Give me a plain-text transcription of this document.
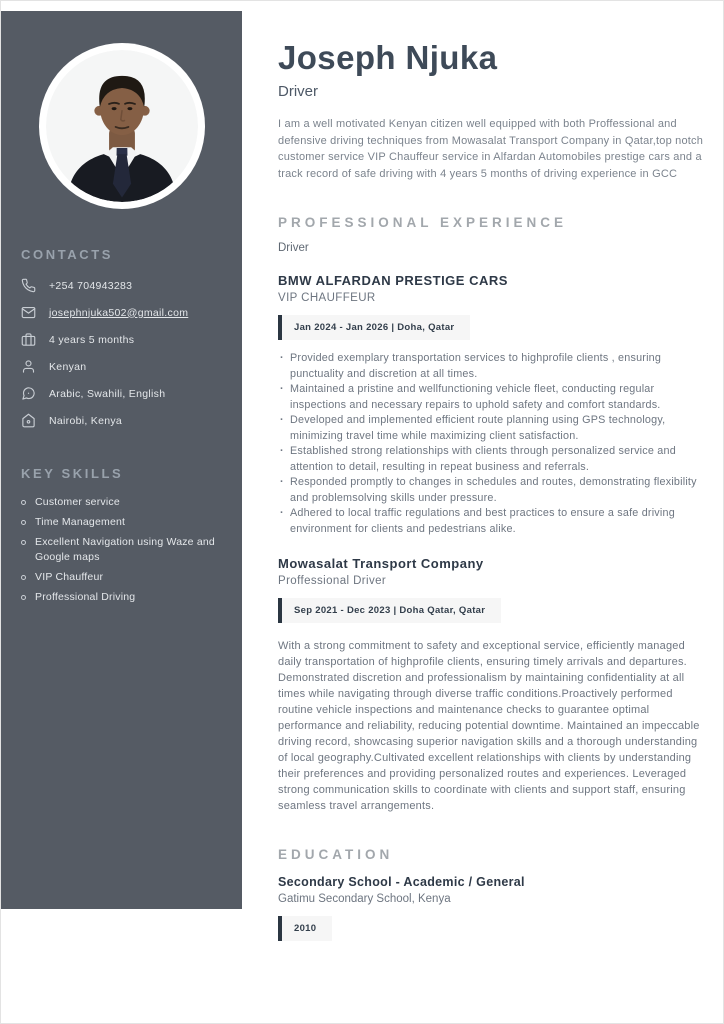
CONTACTS
+254 704943283
josephnjuka502@gmail.com
4 years 5 months
Kenyan
Arabic, Swahili, English
Nairobi, Kenya
KEY SKILLS
Customer service
Time Management
Excellent Navigation using Waze and Google maps
VIP Chauffeur
Proffessional Driving
Joseph Njuka
Driver
I am a well motivated Kenyan citizen well equipped with both Proffessional and defensive driving techniques from Mowasalat Transport Company in Qatar,top notch customer service VIP Chauffeur service in Alfardan Automobiles prestige cars and a track record of safe driving with 4 years 5 months of driving experience in GCC
PROFESSIONAL EXPERIENCE
Driver
BMW ALFARDAN PRESTIGE CARS
VIP CHAUFFEUR
Jan 2024 - Jan 2026 | Doha, Qatar
· Provided exemplary transportation services to highprofile clients , ensuring punctuality and discretion at all times.
· Maintained a pristine and wellfunctioning vehicle fleet, conducting regular inspections and necessary repairs to uphold safety and comfort standards.
· Developed and implemented efficient route planning using GPS technology, minimizing travel time while maximizing client satisfaction.
· Established strong relationships with clients through personalized service and attention to detail, resulting in repeat business and referrals.
· Responded promptly to changes in schedules and routes, demonstrating flexibility and problemsolving skills under pressure.
· Adhered to local traffic regulations and best practices to ensure a safe driving environment for clients and pedestrians alike.
Mowasalat Transport Company
Proffessional Driver
Sep 2021 - Dec 2023 | Doha Qatar, Qatar
With a strong commitment to safety and exceptional service, efficiently managed daily transportation of highprofile clients, ensuring timely arrivals and departures. Demonstrated discretion and professionalism by maintaining confidentiality at all times while navigating through diverse traffic conditions.Proactively performed routine vehicle inspections and maintenance checks to guarantee optimal performance and reliability, reducing potential downtime. Maintained an impeccable driving record, showcasing superior navigation skills and a thorough understanding of local geography.Cultivated excellent relationships with clients by understanding their preferences and providing personalized routes and experiences. Leveraged strong communication skills to coordinate with clients and support staff, ensuring seamless travel arrangements.
EDUCATION
Secondary School - Academic / General
Gatimu Secondary School, Kenya
2010
